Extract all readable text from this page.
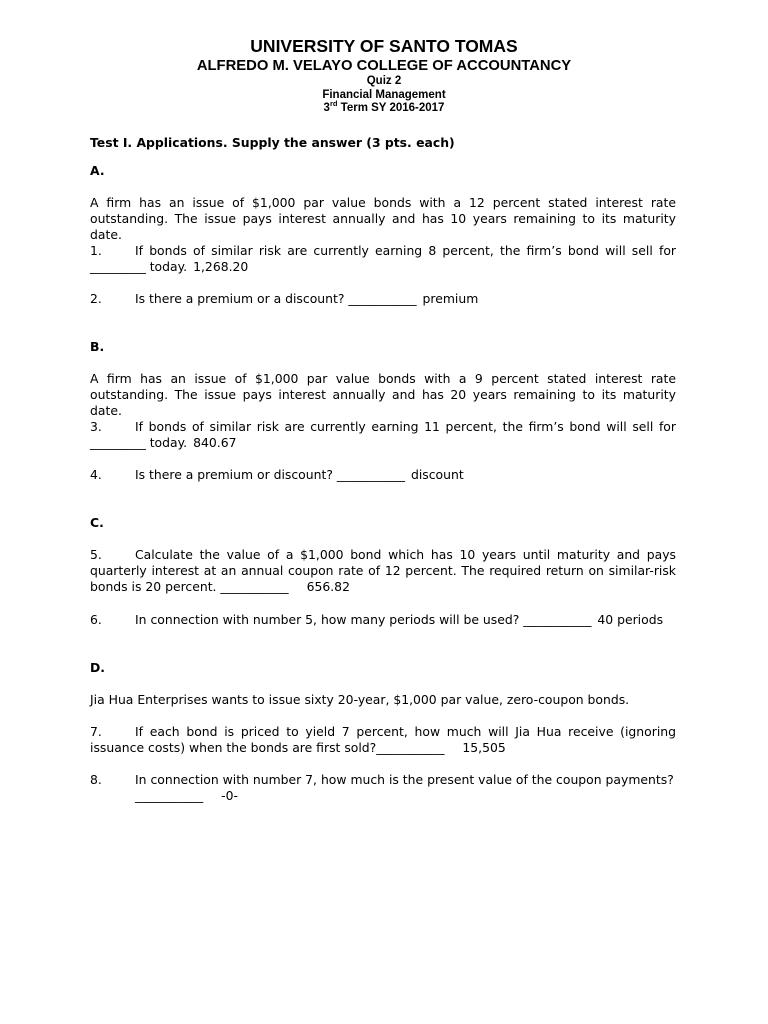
UNIVERSITY OF SANTO TOMAS
ALFREDO M. VELAYO COLLEGE OF ACCOUNTANCY
Quiz 2
Financial Management
3rd Term SY 2016-2017
Test I. Applications. Supply the answer (3 pts. each)
A.
A firm has an issue of $1,000 par value bonds with a 12 percent stated interest rate outstanding. The issue pays interest annually and has 10 years remaining to its maturity date.
1.	If bonds of similar risk are currently earning 8 percent, the firm’s bond will sell for _________ today. 1,268.20
2.	Is there a premium or a discount? ___________ premium
B.
A firm has an issue of $1,000 par value bonds with a 9 percent stated interest rate outstanding. The issue pays interest annually and has 20 years remaining to its maturity date.
3.	If bonds of similar risk are currently earning 11 percent, the firm’s bond will sell for _________ today. 840.67
4.	Is there a premium or discount? ___________ discount
C.
5.	Calculate the value of a $1,000 bond which has 10 years until maturity and pays quarterly interest at an annual coupon rate of 12 percent. The required return on similar-risk bonds is 20 percent. ___________ 656.82
6.	In connection with number 5, how many periods will be used? ___________ 40 periods
D.
Jia Hua Enterprises wants to issue sixty 20-year, $1,000 par value, zero-coupon bonds.
7.	If each bond is priced to yield 7 percent, how much will Jia Hua receive (ignoring issuance costs) when the bonds are first sold?___________ 15,505
8.	In connection with number 7, how much is the present value of the coupon payments?
___________ -0-
